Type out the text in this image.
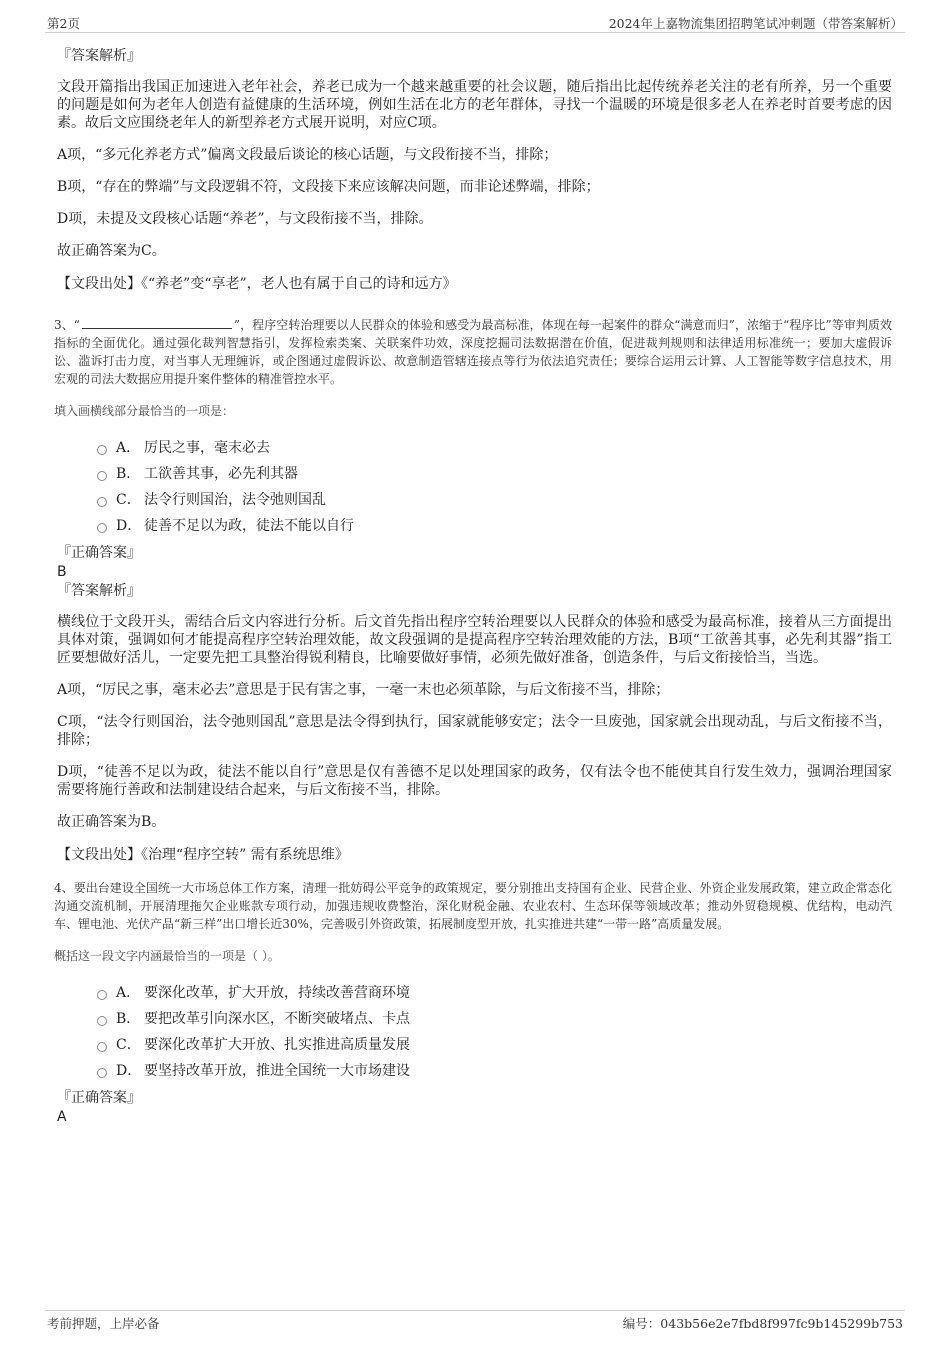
第2页	2024年上嘉物流集团招聘笔试冲刺题（带答案解析）

『答案解析』

文段开篇指出我国正加速进入老年社会，养老已成为一个越来越重要的社会议题，随后指出比起传统养老关注的老有所养，另一个重要的问题是如何为老年人创造有益健康的生活环境，例如生活在北方的老年群体，寻找一个温暖的环境是很多老人在养老时首要考虑的因素。故后文应围绕老年人的新型养老方式展开说明，对应C项。

A项，“多元化养老方式”偏离文段最后谈论的核心话题，与文段衔接不当，排除；

B项，“存在的弊端”与文段逻辑不符，文段接下来应该解决问题，而非论述弊端，排除；

D项，未提及文段核心话题“养老”，与文段衔接不当，排除。

故正确答案为C。

【文段出处】《“养老”变“享老”，老人也有属于自己的诗和远方》

3、“	”，程序空转治理要以人民群众的体验和感受为最高标准，体现在每一起案件的群众“满意而归”，浓缩于“程序比”等审判质效指标的全面优化。通过强化裁判智慧指引，发挥检索类案、关联案件功效，深度挖掘司法数据潜在价值，促进裁判规则和法律适用标准统一；要加大虚假诉讼、滥诉打击力度，对当事人无理缠诉，或企图通过虚假诉讼、故意制造管辖连接点等行为依法追究责任；要综合运用云计算、人工智能等数字信息技术，用宏观的司法大数据应用提升案件整体的精准管控水平。

填入画横线部分最恰当的一项是：

A． 厉民之事，毫末必去
B． 工欲善其事，必先利其器
C． 法令行则国治，法令弛则国乱
D． 徒善不足以为政，徒法不能以自行

『正确答案』

B

『答案解析』

横线位于文段开头，需结合后文内容进行分析。后文首先指出程序空转治理要以人民群众的体验和感受为最高标准，接着从三方面提出具体对策，强调如何才能提高程序空转治理效能，故文段强调的是提高程序空转治理效能的方法，B项“工欲善其事，必先利其器”指工匠要想做好活儿，一定要先把工具整治得锐利精良，比喻要做好事情，必须先做好准备，创造条件，与后文衔接恰当，当选。

A项，“厉民之事，毫末必去”意思是于民有害之事，一毫一末也必须革除，与后文衔接不当，排除；

C项，“法令行则国治，法令弛则国乱”意思是法令得到执行，国家就能够安定；法令一旦废弛，国家就会出现动乱，与后文衔接不当，排除；

D项，“徒善不足以为政，徒法不能以自行”意思是仅有善德不足以处理国家的政务，仅有法令也不能使其自行发生效力，强调治理国家需要将施行善政和法制建设结合起来，与后文衔接不当，排除。

故正确答案为B。

【文段出处】《治理“程序空转” 需有系统思维》

4、要出台建设全国统一大市场总体工作方案，清理一批妨碍公平竞争的政策规定，要分别推出支持国有企业、民营企业、外资企业发展政策，建立政企常态化沟通交流机制，开展清理拖欠企业账款专项行动，加强违规收费整治，深化财税金融、农业农村、生态环保等领域改革；推动外贸稳规模、优结构，电动汽车、锂电池、光伏产品“新三样”出口增长近30%，完善吸引外资政策，拓展制度型开放，扎实推进共建“一带一路”高质量发展。

概括这一段文字内涵最恰当的一项是（ ）。

A． 要深化改革，扩大开放，持续改善营商环境
B． 要把改革引向深水区，不断突破堵点、卡点
C． 要深化改革扩大开放、扎实推进高质量发展
D． 要坚持改革开放，推进全国统一大市场建设

『正确答案』

A

考前押题，上岸必备	编号：043b56e2e7fbd8f997fc9b145299b753
